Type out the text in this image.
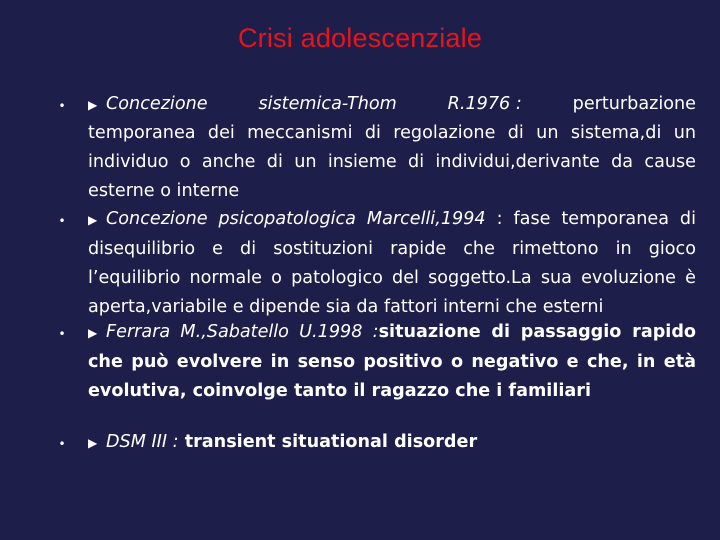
Crisi adolescenziale
• ▶ Concezione	sistemica-Thom	R.1976 :	perturbazione
temporanea dei meccanismi di regolazione di un sistema,di un individuo o anche di un insieme di individui,derivante da cause esterne o interne
• ▶ Concezione psicopatologica Marcelli,1994 : fase temporanea di disequilibrio e di sostituzioni rapide che rimettono in gioco l’equilibrio normale o patologico del soggetto.La sua evoluzione è aperta,variabile e dipende sia da fattori interni che esterni
• ▶ Ferrara M.,Sabatello U.1998 :situazione di passaggio rapido che può evolvere in senso positivo o negativo e che, in età evolutiva, coinvolge tanto il ragazzo che i familiari
• ▶ DSM III : transient situational disorder
